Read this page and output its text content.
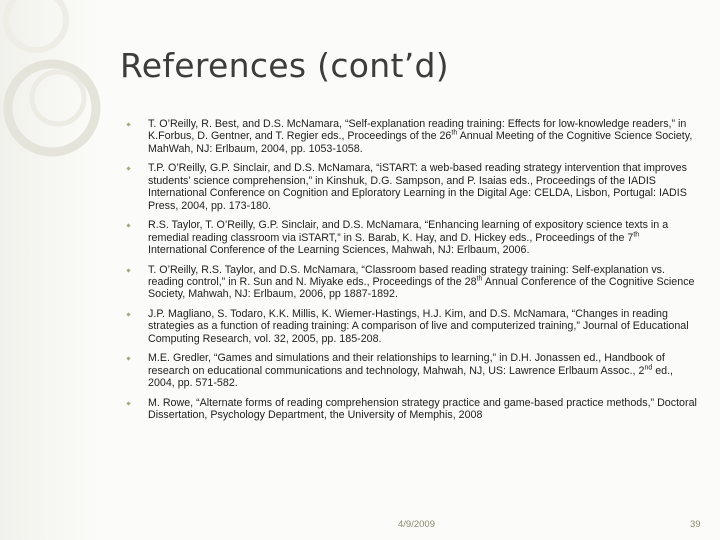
References (cont’d)
T. O’Reilly, R. Best, and D.S. McNamara, “Self-explanation reading training: Effects for low-knowledge readers,” in K.Forbus, D. Gentner, and T. Regier eds., Proceedings of the 26th Annual Meeting of the Cognitive Science Society, MahWah, NJ: Erlbaum, 2004, pp. 1053-1058.
T.P. O’Reilly, G.P. Sinclair, and D.S. McNamara, “iSTART: a web-based reading strategy intervention that improves students’ science comprehension,” in Kinshuk, D.G. Sampson, and P. Isaias eds., Proceedings of the IADIS International Conference on Cognition and Eploratory Learning in the Digital Age: CELDA, Lisbon, Portugal: IADIS Press, 2004, pp. 173-180.
R.S. Taylor, T. O’Reilly, G.P. Sinclair, and D.S. McNamara, “Enhancing learning of expository science texts in a remedial reading classroom via iSTART,” in S. Barab, K. Hay, and D. Hickey eds., Proceedings of the 7th International Conference of the Learning Sciences, Mahwah, NJ: Erlbaum, 2006.
T. O’Reilly, R.S. Taylor, and D.S. McNamara, “Classroom based reading strategy training: Self-explanation vs. reading control,” in R. Sun and N. Miyake eds., Proceedings of the 28th Annual Conference of the Cognitive Science Society, Mahwah, NJ: Erlbaum, 2006, pp 1887-1892.
J.P. Magliano, S. Todaro, K.K. Millis, K. Wiemer-Hastings, H.J. Kim, and D.S. McNamara, “Changes in reading strategies as a function of reading training: A comparison of live and computerized training,” Journal of Educational Computing Research, vol. 32, 2005, pp. 185-208.
M.E. Gredler, “Games and simulations and their relationships to learning,” in D.H. Jonassen ed., Handbook of research on educational communications and technology, Mahwah, NJ, US: Lawrence Erlbaum Assoc., 2nd ed., 2004, pp. 571-582.
M. Rowe, “Alternate forms of reading comprehension strategy practice and game-based practice methods,” Doctoral Dissertation, Psychology Department, the University of Memphis, 2008
4/9/2009	39
